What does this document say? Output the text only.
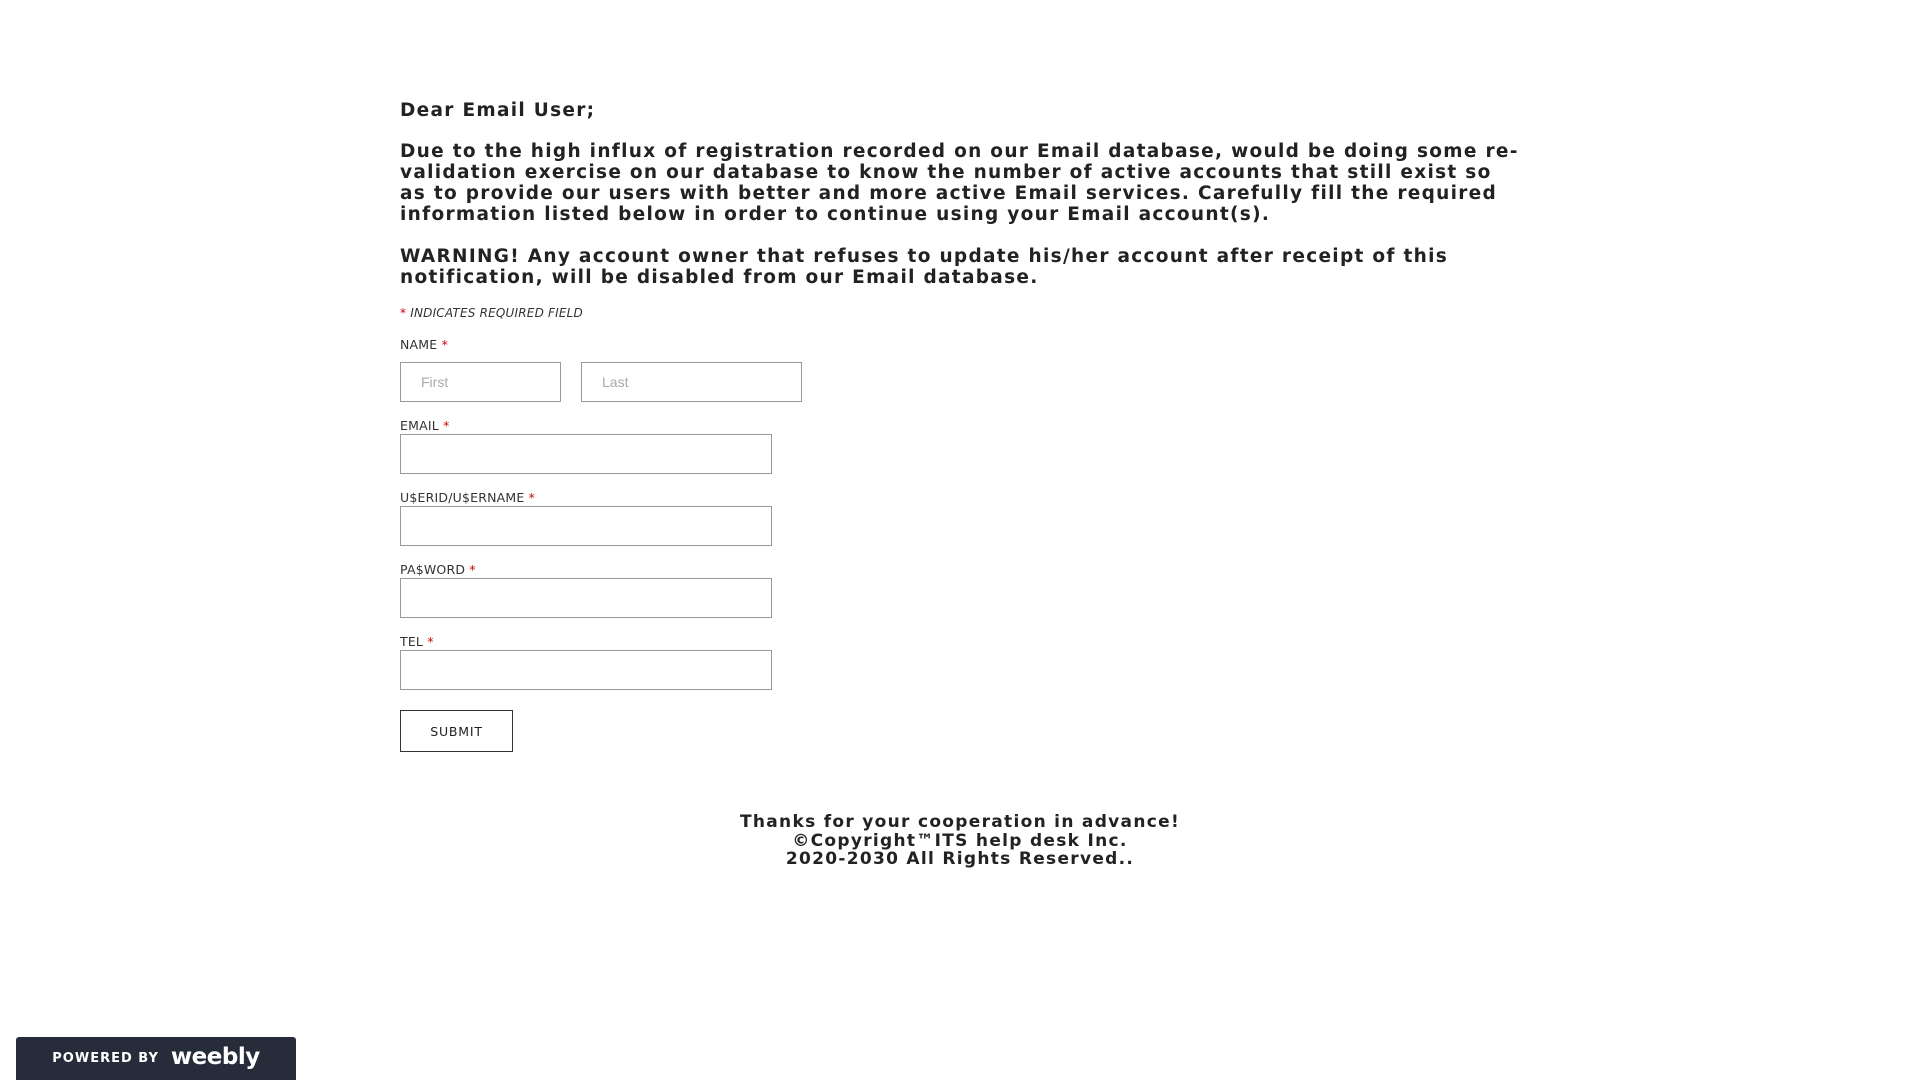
Dear Email User;

Due to the high influx of registration recorded on our Email database, would be doing some re-validation exercise on our database to know the number of active accounts that still exist so as to provide our users with better and more active Email services. Carefully fill the required information listed below in order to continue using your Email account(s).

WARNING! Any account owner that refuses to update his/her account after receipt of this notification, will be disabled from our Email database.

* INDICATES REQUIRED FIELD
NAME *
First
Last
EMAIL *
U$ERID/U$ERNAME *
PA$WORD *
TEL *
SUBMIT
Thanks for your cooperation in advance!
©Copyright™ITS help desk Inc.
2020-2030 All Rights Reserved..
POWERED BY weebly
